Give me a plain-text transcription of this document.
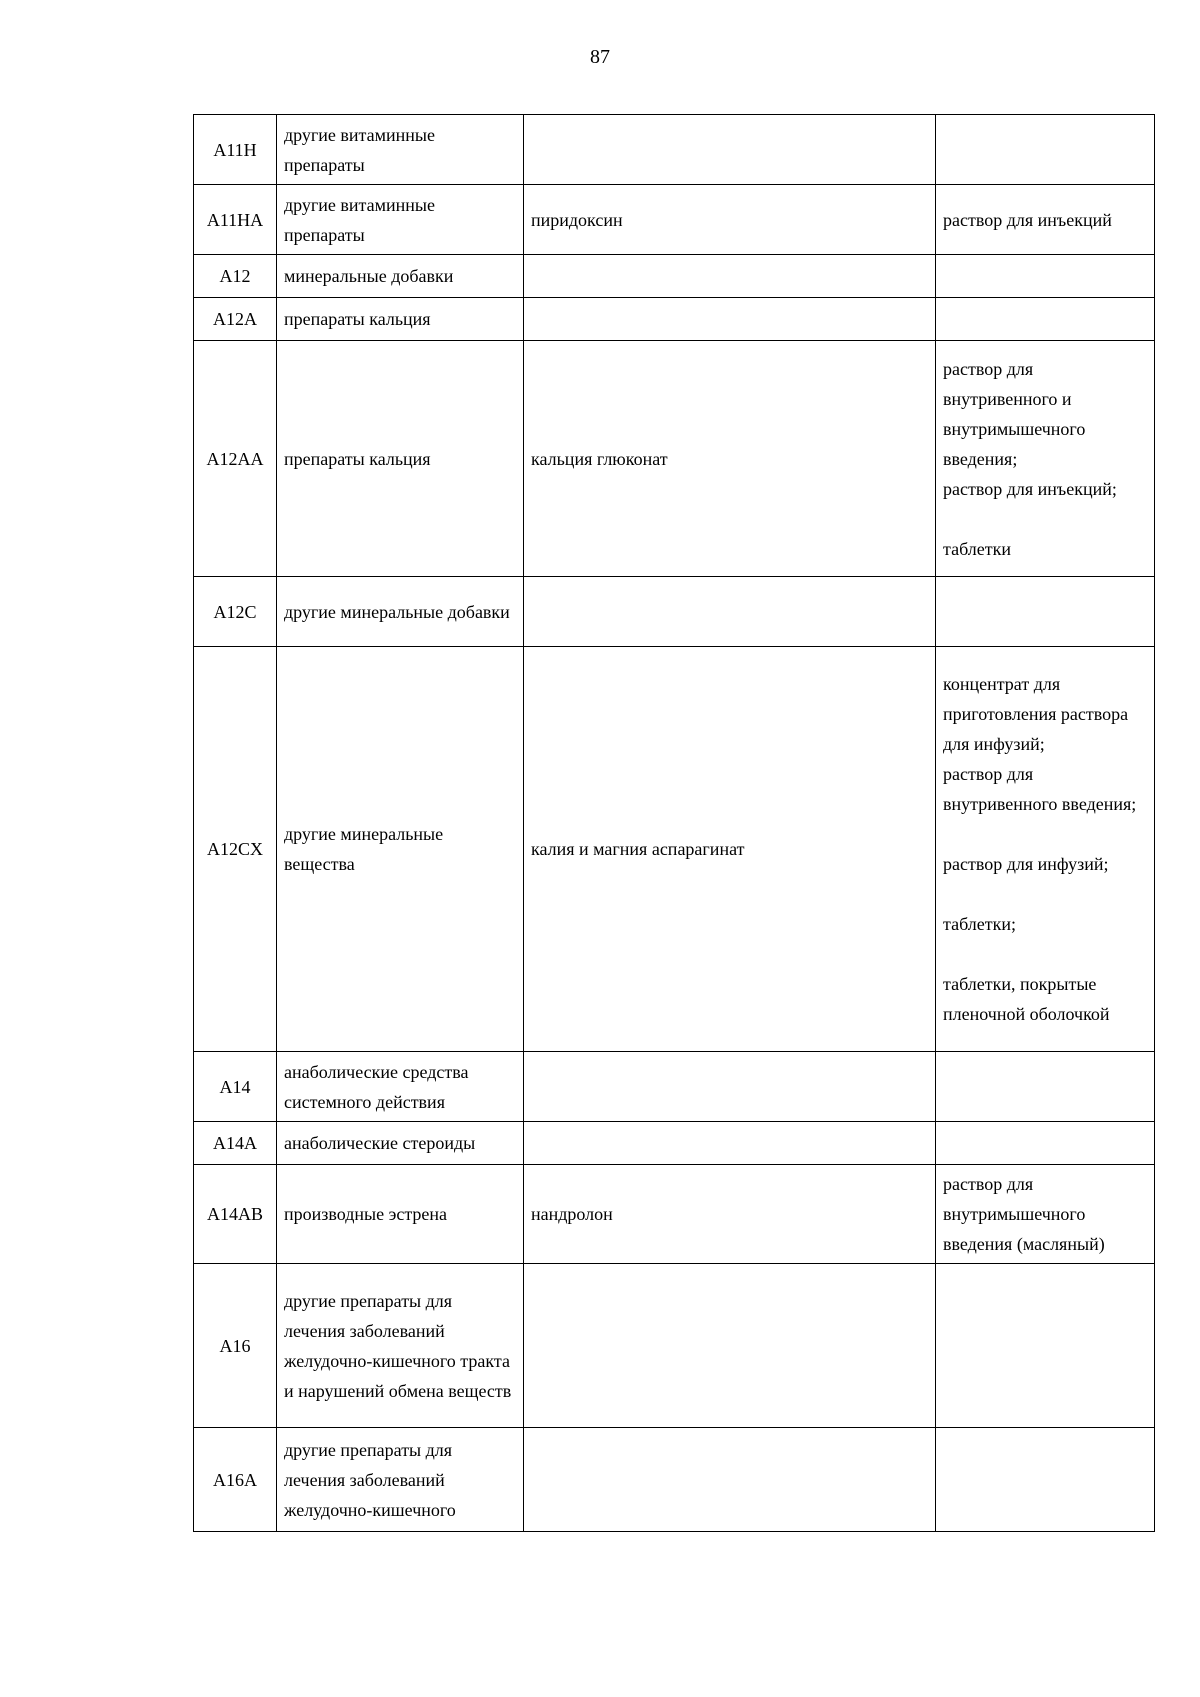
87
A11H	другие витаминные препараты		
A11HA	другие витаминные препараты	пиридоксин	раствор для инъекций

A12	минеральные добавки		
A12A	препараты кальция		
A12AA	препараты кальция	кальция глюконат	раствор для внутривенного и внутримышечного введения;
раствор для инъекций;
таблетки

A12C	другие минеральные добавки		
A12CX	другие минеральные вещества	калия и магния аспарагинат	концентрат для приготовления раствора для инфузий;
раствор для внутривенного введения;
раствор для инфузий;
таблетки;
таблетки, покрытые пленочной оболочкой

A14	анаболические средства системного действия		
A14A	анаболические стероиды		
A14AB	производные эстрена	нандролон	раствор для внутримышечного введения (масляный)

A16	другие препараты для лечения заболеваний желудочно-кишечного тракта и нарушений обмена веществ		
A16A	другие препараты для лечения заболеваний желудочно-кишечного		
